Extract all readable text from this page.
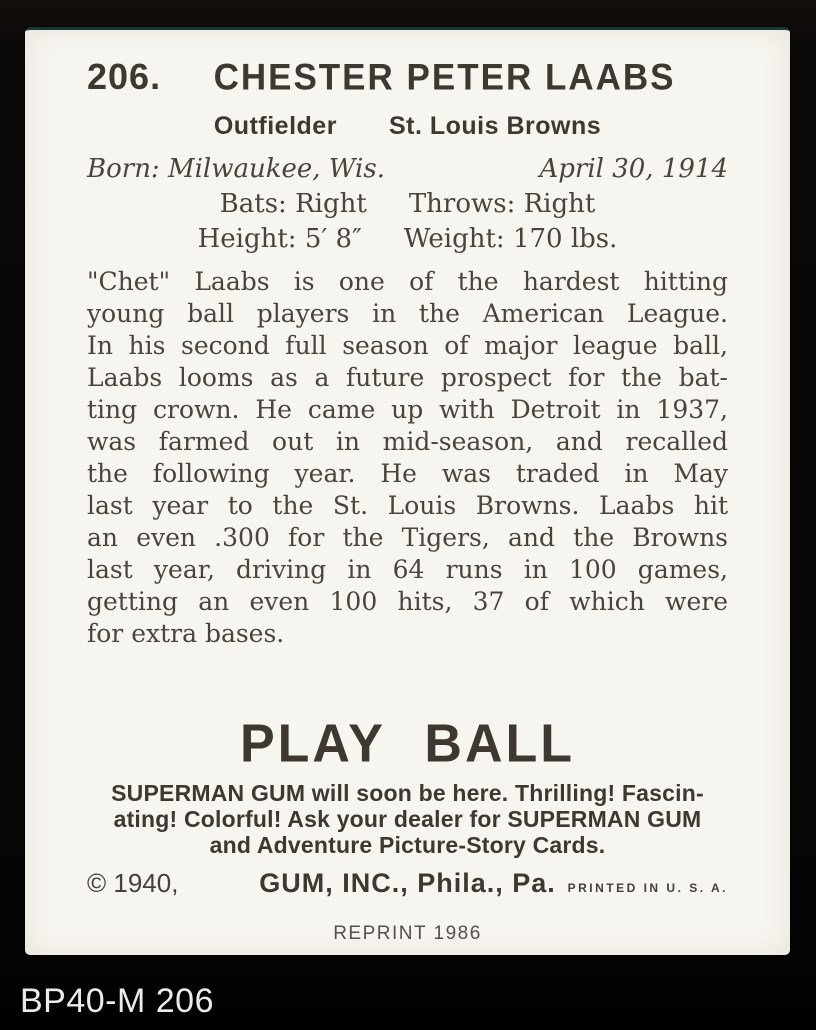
206.	CHESTER PETER LAABS
Outfielder St. Louis Browns
Born: Milwaukee, Wis.	April 30, 1914
Bats: Right Throws: Right
Height: 5′ 8″ Weight: 170 lbs.
"Chet" Laabs is one of the hardest hitting
young ball players in the American League.
In his second full season of major league ball,
Laabs looms as a future prospect for the bat-
ting crown. He came up with Detroit in 1937,
was farmed out in mid-season, and recalled
the following year. He was traded in May
last year to the St. Louis Browns. Laabs hit
an even .300 for the Tigers, and the Browns
last year, driving in 64 runs in 100 games,
getting an even 100 hits, 37 of which were
for extra bases.
PLAY BALL
SUPERMAN GUM will soon be here. Thrilling! Fascin-
ating! Colorful! Ask your dealer for SUPERMAN GUM
and Adventure Picture-Story Cards.
© 1940,	GUM, INC., Phila., Pa. PRINTED IN U. S. A.
REPRINT 1986
BP40-M 206
